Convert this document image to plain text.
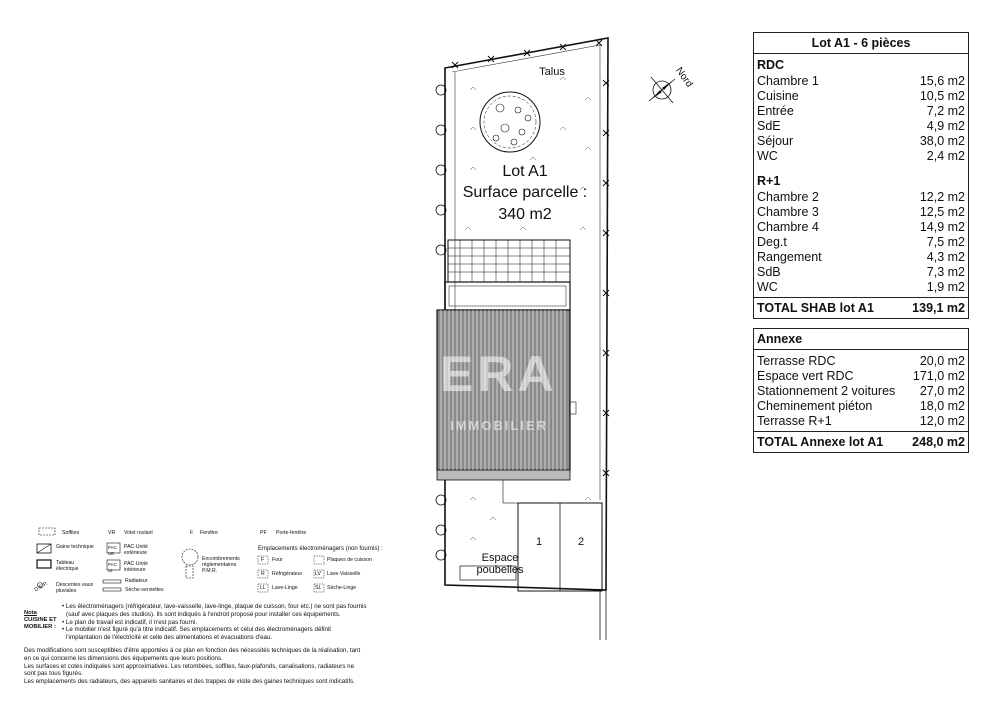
Talus	Nord
Lot A1
Surface parcelle :
340 m2
ERA
IMMOBILIER
1	2
Espace
poubelles
Lot A1 - 6 pièces
RDC
Chambre 1	15,6 m2
Cuisine	10,5 m2
Entrée	7,2 m2
SdE	4,9 m2
Séjour	38,0 m2
WC	2,4 m2
R+1
Chambre 2	12,2 m2
Chambre 3	12,5 m2
Chambre 4	14,9 m2
Deg.t	7,5 m2
Rangement	4,3 m2
SdB	7,3 m2
WC	1,9 m2
TOTAL SHAB lot A1	139,1 m2
Annexe
Terrasse RDC	20,0 m2
Espace vert RDC	171,0 m2
Stationnement 2 voitures 27,0 m2
Cheminement piéton	18,0 m2
Terrasse R+1	12,0 m2
TOTAL Annexe lot A1 248,0 m2
Soffites
Gaine technique
Tableau électrique
D.E.P. Descentes eaux pluviales
VR Volet roulant
PAC UE
PAC Unité extérieure
PAC UI
PAC Unité intérieure
Radiateur
Sèche-serviettes
F Fenêtre
Encombrements réglementaires P.M.R.
PF Porte-fenêtre
Emplacements électroménagers (non fournis) :
F Four
R Réfrigérateur
LL Lave-Linge
Plaques de cuisson
LV Lave-Vaisselle
SL Sèche-Linge
Nota
CUISINE ET
MOBILIER :
• Les électroménagers (réfrigérateur, lave-vaisselle, lave-linge, plaque de cuisson, four etc.) ne sont pas fournis
(sauf avec plaques des studios). Ils sont indiqués à l'endroit proposé pour installer ces équipements.
• Le plan de travail est indicatif, il n'est pas fourni.
• Le mobilier n'est figuré qu'à titre indicatif. Ses emplacements et celui des électroménagers définit
l'implantation de l'électricité et celle des alimentations et évacuations d'eau.
Des modifications sont susceptibles d'être apportées à ce plan en fonction des nécessités techniques de la réalisation, tant
en ce qui concerne les dimensions des équipements que leurs positions.
Les surfaces et cotes indiquées sont approximatives. Les retombées, soffites, faux-plafonds, canalisations, radiateurs ne
sont pas tous figurés.
Les emplacements des radiateurs, des appareils sanitaires et des trappes de visite des gaines techniques sont indicatifs.
